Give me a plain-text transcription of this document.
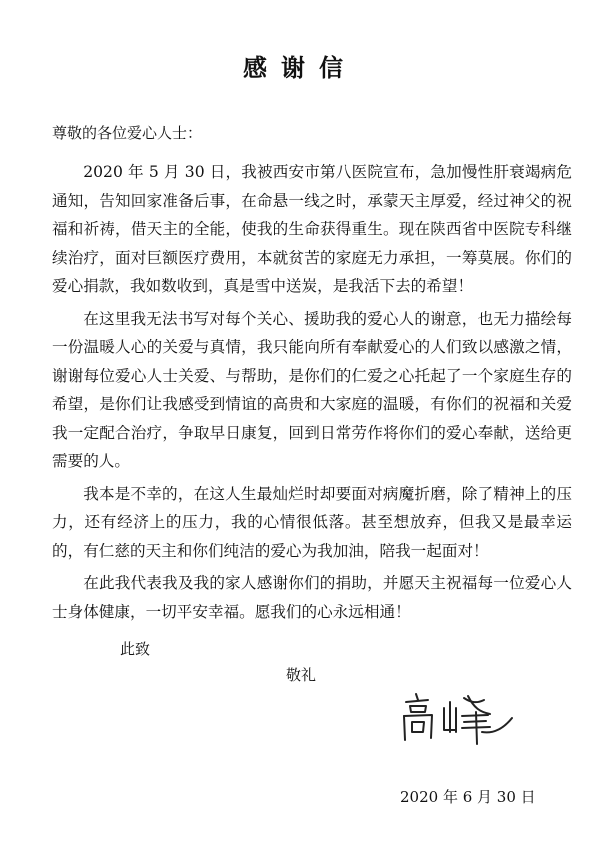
感谢信
尊敬的各位爱心人士：

2020 年 5 月 30 日，我被西安市第八医院宣布，急加慢性肝衰竭病危通知，告知回家准备后事，在命悬一线之时，承蒙天主厚爱，经过神父的祝福和祈祷，借天主的全能，使我的生命获得重生。现在陕西省中医院专科继续治疗，面对巨额医疗费用，本就贫苦的家庭无力承担，一筹莫展。你们的爱心捐款，我如数收到，真是雪中送炭，是我活下去的希望！

在这里我无法书写对每个关心、援助我的爱心人的谢意，也无力描绘每一份温暖人心的关爱与真情，我只能向所有奉献爱心的人们致以感激之情，谢谢每位爱心人士关爱、与帮助，是你们的仁爱之心托起了一个家庭生存的希望，是你们让我感受到情谊的高贵和大家庭的温暖，有你们的祝福和关爱我一定配合治疗，争取早日康复，回到日常劳作将你们的爱心奉献，送给更需要的人。

我本是不幸的，在这人生最灿烂时却要面对病魔折磨，除了精神上的压力，还有经济上的压力，我的心情很低落。甚至想放弃，但我又是最幸运的，有仁慈的天主和你们纯洁的爱心为我加油，陪我一起面对！

在此我代表我及我的家人感谢你们的捐助，并愿天主祝福每一位爱心人士身体健康，一切平安幸福。愿我们的心永远相通！

此致
敬礼
2020 年 6 月 30 日
